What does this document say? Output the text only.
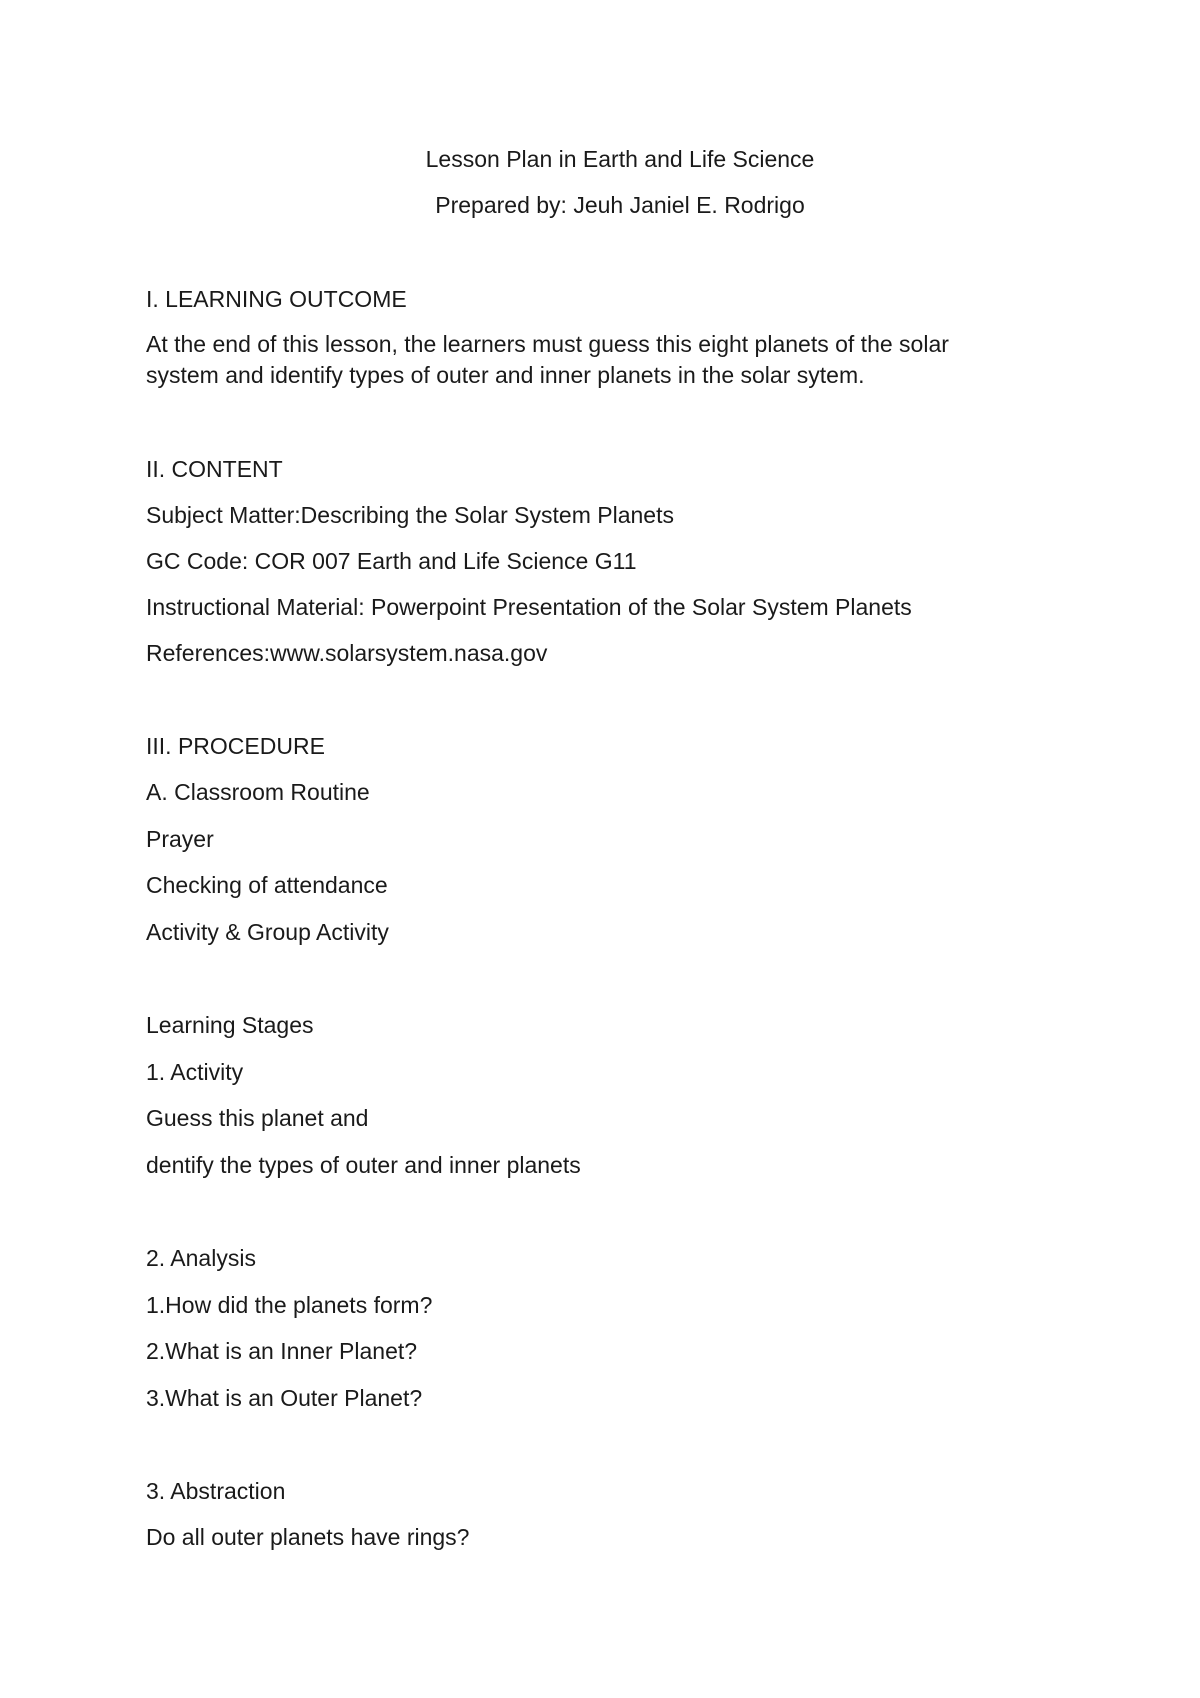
Lesson Plan in Earth and Life Science
Prepared by: Jeuh Janiel E. Rodrigo
I. LEARNING OUTCOME
At the end of this lesson, the learners must guess this eight planets of the solar system and identify types of outer and inner planets in the solar sytem.
II. CONTENT
Subject Matter:Describing the Solar System Planets
GC Code: COR 007 Earth and Life Science G11
Instructional Material: Powerpoint Presentation of the Solar System Planets
References:www.solarsystem.nasa.gov
III. PROCEDURE
A. Classroom Routine
Prayer
Checking of attendance
Activity & Group Activity
Learning Stages
1. Activity
Guess this planet and
dentify the types of outer and inner planets
2. Analysis
1.How did the planets form?
2.What is an Inner Planet?
3.What is an Outer Planet?
3. Abstraction
Do all outer planets have rings?
